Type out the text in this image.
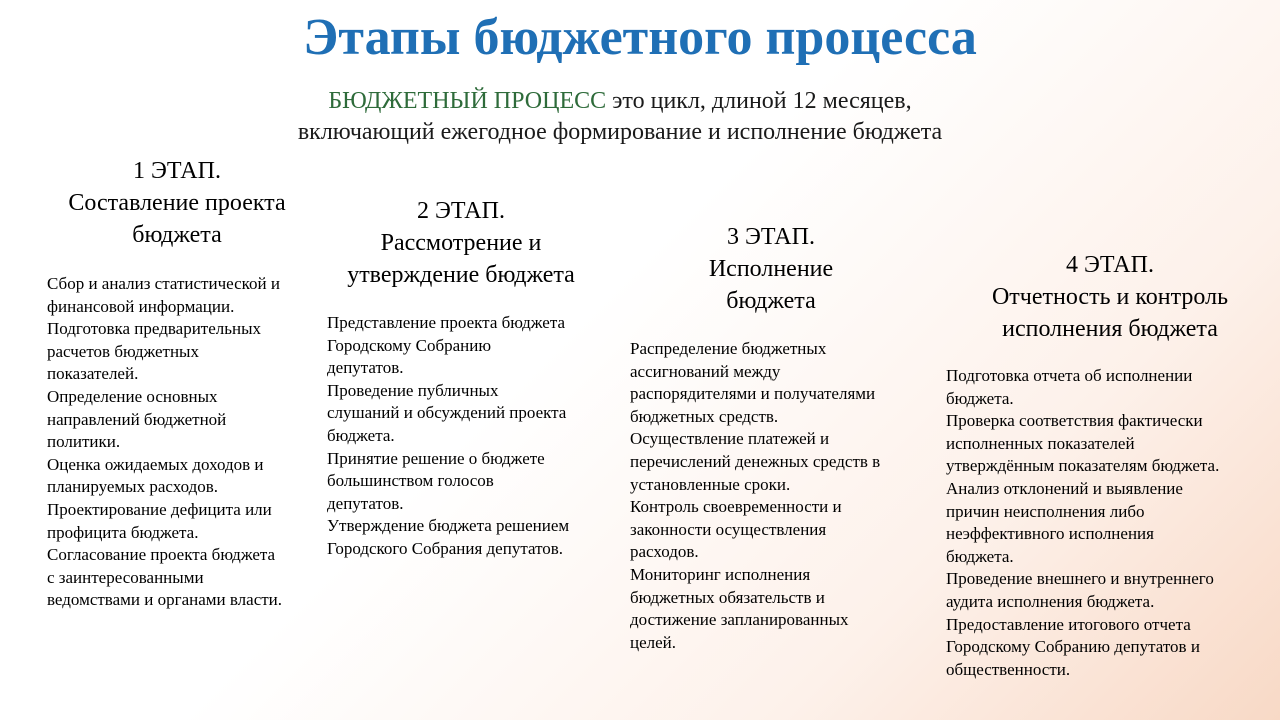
Этапы бюджетного процесса
БЮДЖЕТНЫЙ ПРОЦЕСС это цикл, длиной 12 месяцев,
включающий ежегодное формирование и исполнение бюджета
1 ЭТАП.
Составление проекта
бюджета
Сбор и анализ статистической и
финансовой информации.
Подготовка предварительных
расчетов бюджетных
показателей.
Определение основных
направлений бюджетной
политики.
Оценка ожидаемых доходов и
планируемых расходов.
Проектирование дефицита или
профицита бюджета.
Согласование проекта бюджета
с заинтересованными
ведомствами и органами власти.
2 ЭТАП.
Рассмотрение и
утверждение бюджета
Представление проекта бюджета
Городскому Собранию
депутатов.
Проведение публичных
слушаний и обсуждений проекта
бюджета.
Принятие решение о бюджете
большинством голосов
депутатов.
Утверждение бюджета решением
Городского Собрания депутатов.
3 ЭТАП.
Исполнение
бюджета
Распределение бюджетных
ассигнований между
распорядителями и получателями
бюджетных средств.
Осуществление платежей и
перечислений денежных средств в
установленные сроки.
Контроль своевременности и
законности осуществления
расходов.
Мониторинг исполнения
бюджетных обязательств и
достижение запланированных
целей.
4 ЭТАП.
Отчетность и контроль
исполнения бюджета
Подготовка отчета об исполнении
бюджета.
Проверка соответствия фактически
исполненных показателей
утверждённым показателям бюджета.
Анализ отклонений и выявление
причин неисполнения либо
неэффективного исполнения
бюджета.
Проведение внешнего и внутреннего
аудита исполнения бюджета.
Предоставление итогового отчета
Городскому Собранию депутатов и
общественности.
